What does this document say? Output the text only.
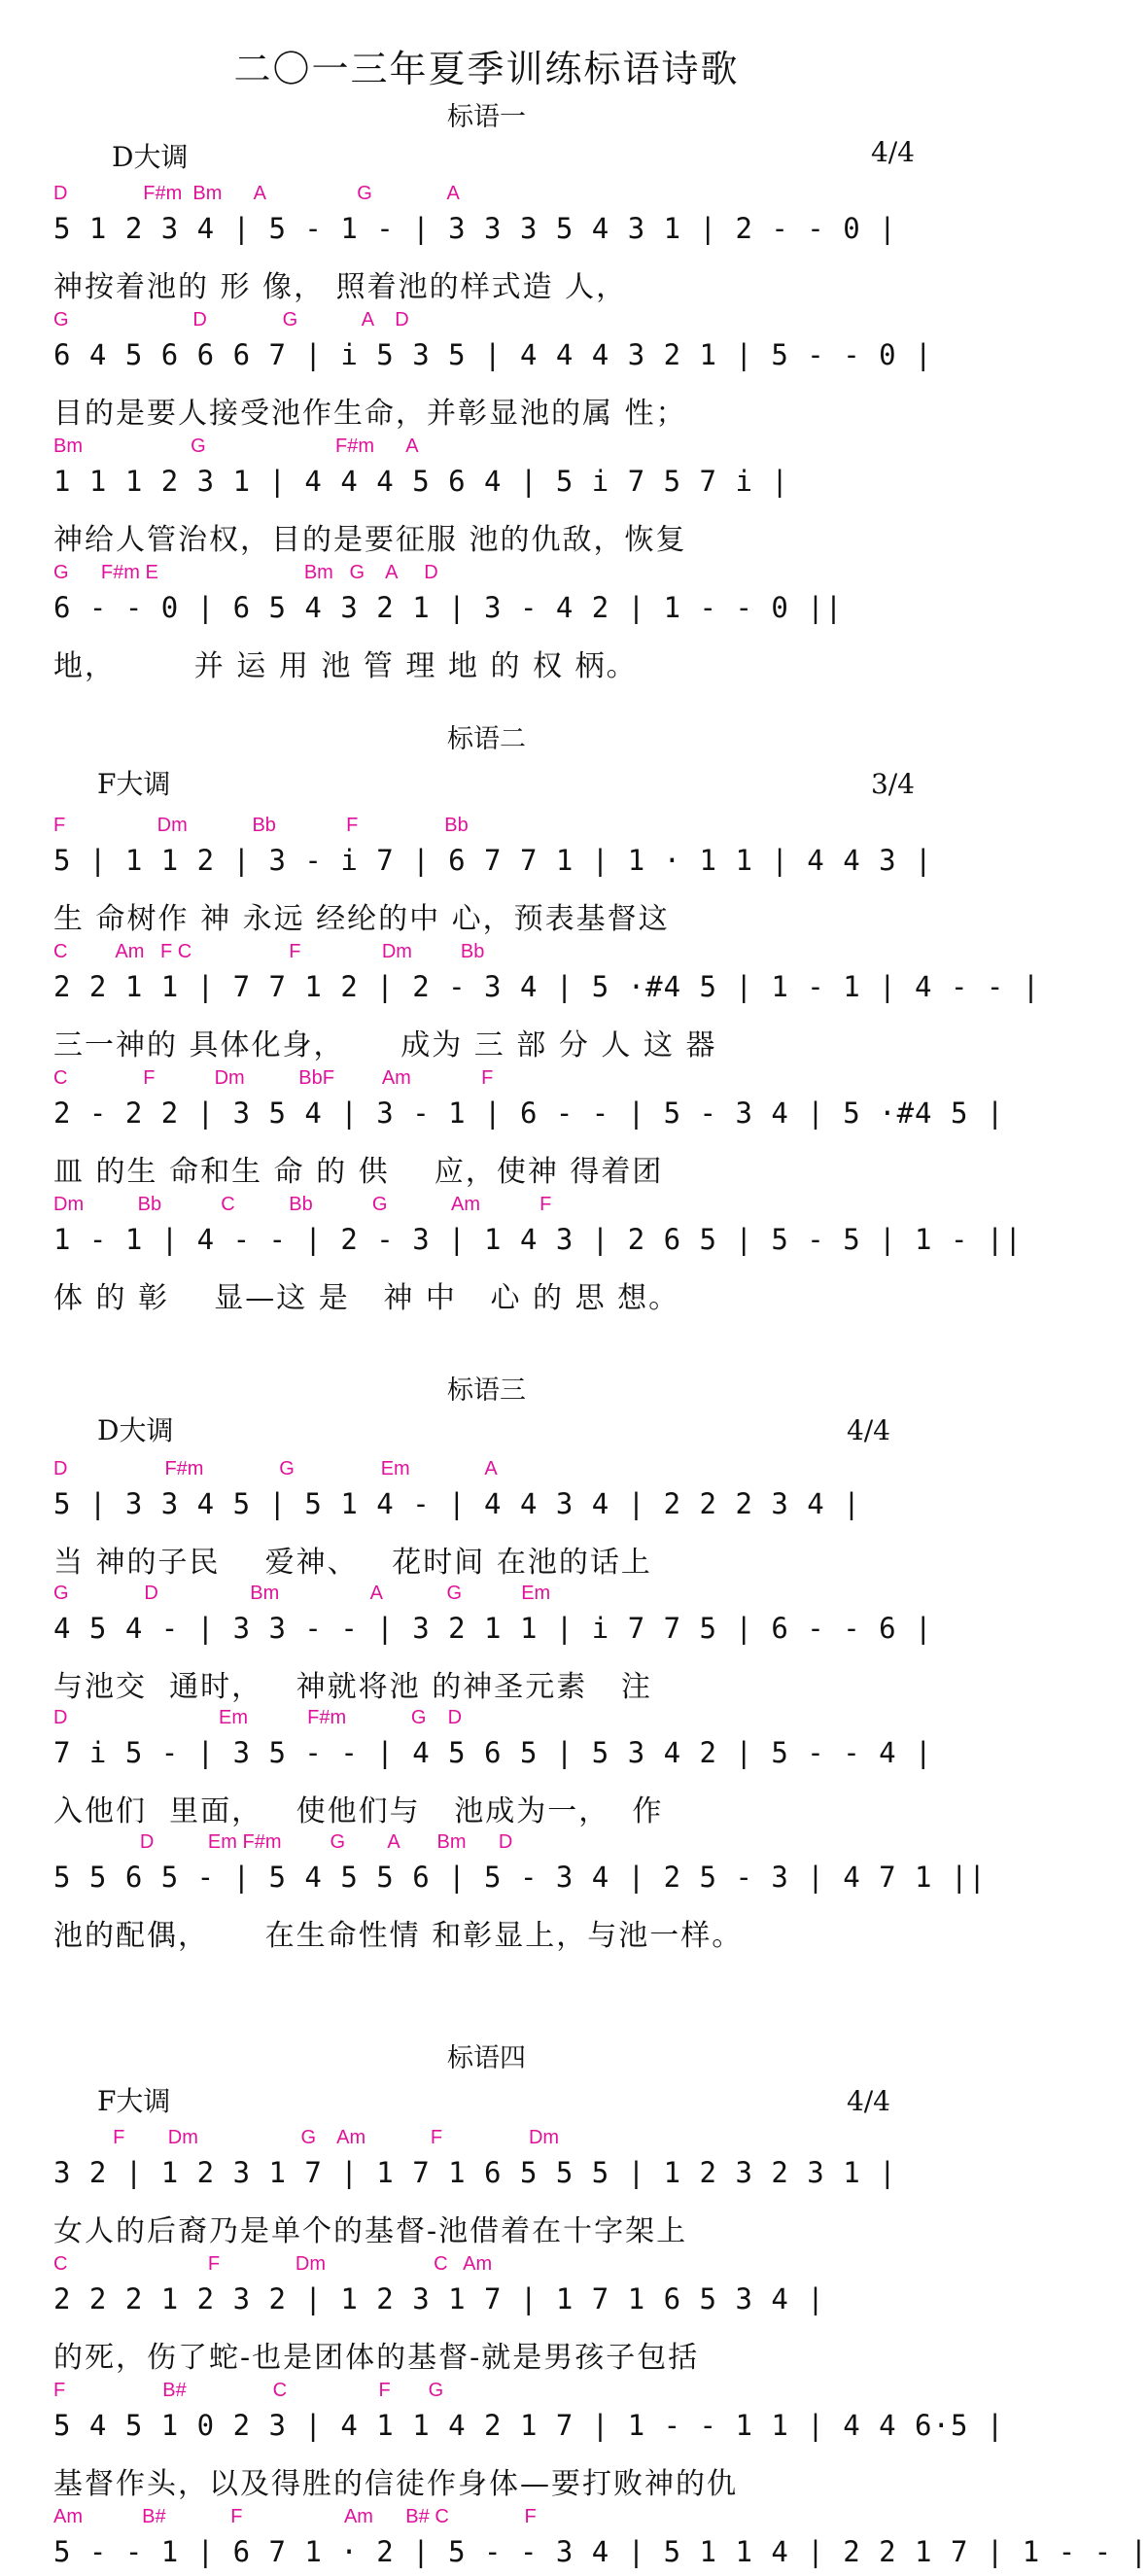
二〇一三年夏季训练标语诗歌
标语一
D大调	4/4
D              F#m  Bm      A                 G              A
5 1 2 3 4 | 5 - 1 - | 3 3 3 5 4 3 1 | 2 - - 0 |
神按着池的 形 像， 照着池的样式造 人，
G                       D              G            A    D
6 4 5 6 6 6 7 | i 5 3 5 | 4 4 4 3 2 1 | 5 - - 0 |
目的是要人接受池作生命，并彰显池的属 性；
Bm                    G                        F#m      A
1 1 1 2 3 1 | 4 4 4 5 6 4 | 5 i 7 5 7 i |
神给人管治权，目的是要征服 池的仇敌，恢复
G      F#m E                           Bm   G    A     D
6 - - 0 | 6 5 4 3 2 1 | 3 - 4 2 | 1 - - 0 ||
地，       并 运 用 池 管 理 地 的 权 柄。
标语二
F大调	3/4
F                 Dm            Bb             F                Bb
5 | 1 1 2 | 3 - i 7 | 6 7 7 1 | 1 · 1 1 | 4 4 3 |
生 命树作 神 永远 经纶的中 心，预表基督这
C         Am   F C                  F               Dm         Bb
2 2 1 1 | 7 7 1 2 | 2 - 3 4 | 5 ·#4 5 | 1 - 1 | 4 - - |
三一神的 具体化身，     成为 三 部 分 人 这 器
C              F           Dm          BbF         Am             F
2 - 2 2 | 3 5 4 | 3 - 1 | 6 - - | 5 - 3 4 | 5 ·#4 5 |
皿 的生 命和生 命 的 供    应，使神 得着团
Dm          Bb           C          Bb           G            Am           F
1 - 1 | 4 - - | 2 - 3 | 1 4 3 | 2 6 5 | 5 - 5 | 1 - ||
体 的 彰    显—这 是   神 中   心 的 思 想。
标语三
D大调	4/4
D                  F#m              G                Em              A
5 | 3 3 4 5 | 5 1 4 - | 4 4 3 4 | 2 2 2 3 4 |
当 神的子民    爱神、   花时间 在池的话上
G              D                 Bm                 A            G           Em
4 5 4 - | 3 3 - - | 3 2 1 1 | i 7 7 5 | 6 - - 6 |
与池交  通时，   神就将池 的神圣元素   注
D                            Em           F#m            G    D
7 i 5 - | 3 5 - - | 4 5 6 5 | 5 3 4 2 | 5 - - 4 |
入他们  里面，   使他们与   池成为一，  作
D          Em F#m         G        A       Bm      D
5 5 6 5 - | 5 4 5 5 6 | 5 - 3 4 | 2 5 - 3 | 4 7 1 ||
池的配偶，     在生命性情 和彰显上，与池一样。
标语四
F大调	4/4
F        Dm                   G    Am            F                Dm
3 2 | 1 2 3 1 7 | 1 7 1 6 5 5 5 | 1 2 3 2 3 1 |
女人的后裔乃是单个的基督-池借着在十字架上
C                          F              Dm                    C   Am
2 2 2 1 2 3 2 | 1 2 3 1 7 | 1 7 1 6 5 3 4 |
的死，伤了蛇-也是团体的基督-就是男孩子包括
F                  B#                C                 F       G
5 4 5 1 0 2 3 | 4 1 1 4 2 1 7 | 1 - - 1 1 | 4 4 6·5 |
基督作头，以及得胜的信徒作身体—要打败神的仇
Am           B#            F                   Am      B# C              F
5 - - 1 | 6 7 1 · 2 | 5 - - 3 4 | 5 1 1 4 | 2 2 1 7 | 1 - - |
